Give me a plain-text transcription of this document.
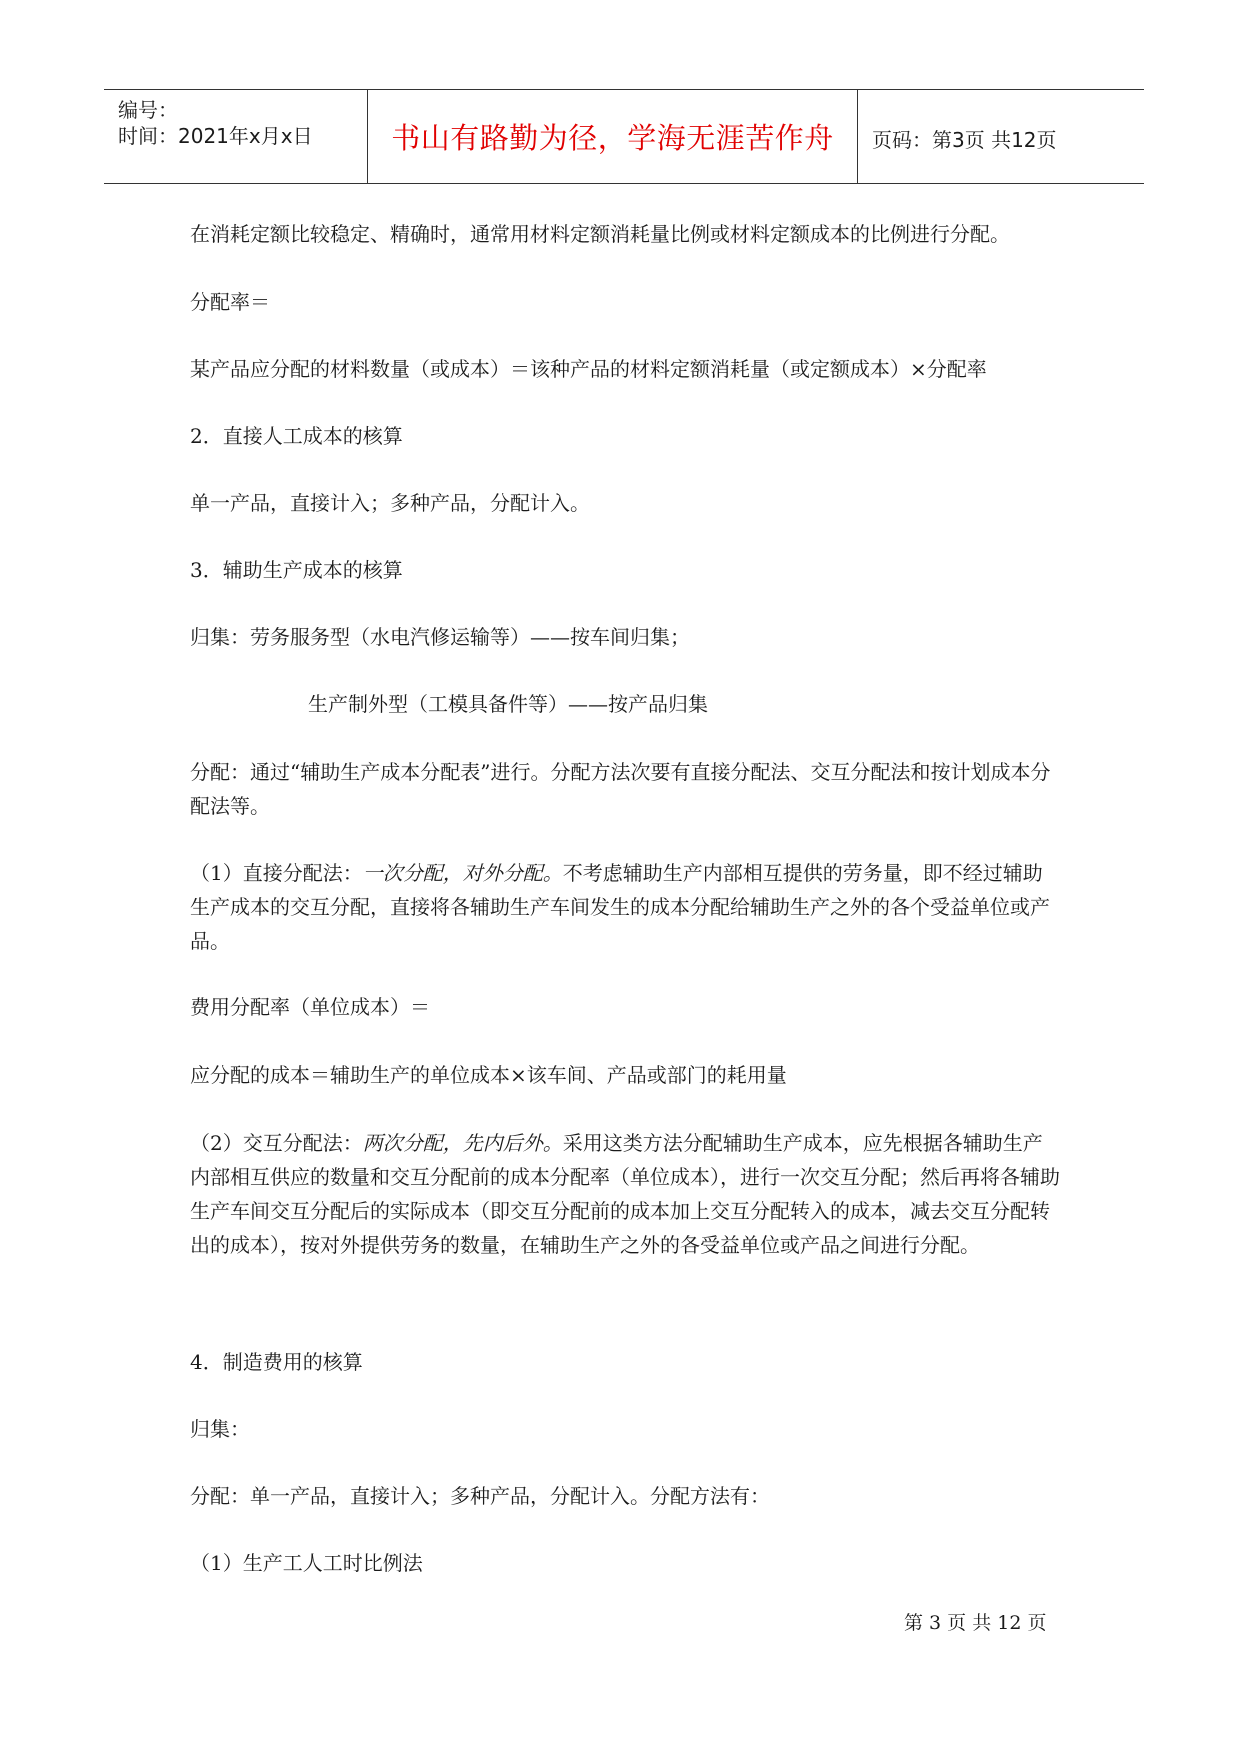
编号：
时间：2021年x月x日	书山有路勤为径，学海无涯苦作舟	页码：第3页 共12页

在消耗定额比较稳定、精确时，通常用材料定额消耗量比例或材料定额成本的比例进行分配。

分配率＝

某产品应分配的材料数量（或成本）＝该种产品的材料定额消耗量（或定额成本）×分配率

2．直接人工成本的核算

单一产品，直接计入；多种产品，分配计入。

3．辅助生产成本的核算

归集：劳务服务型（水电汽修运输等）——按车间归集；

生产制外型（工模具备件等）——按产品归集

分配：通过“辅助生产成本分配表”进行。分配方法次要有直接分配法、交互分配法和按计划成本分配法等。

（1）直接分配法：一次分配，对外分配。不考虑辅助生产内部相互提供的劳务量，即不经过辅助生产成本的交互分配，直接将各辅助生产车间发生的成本分配给辅助生产之外的各个受益单位或产品。

费用分配率（单位成本）＝

应分配的成本＝辅助生产的单位成本×该车间、产品或部门的耗用量

（2）交互分配法：两次分配，先内后外。采用这类方法分配辅助生产成本，应先根据各辅助生产内部相互供应的数量和交互分配前的成本分配率（单位成本），进行一次交互分配；然后再将各辅助生产车间交互分配后的实际成本（即交互分配前的成本加上交互分配转入的成本，减去交互分配转出的成本），按对外提供劳务的数量，在辅助生产之外的各受益单位或产品之间进行分配。

4．制造费用的核算

归集：

分配：单一产品，直接计入；多种产品，分配计入。分配方法有：

（1）生产工人工时比例法

第 3 页 共 12 页
